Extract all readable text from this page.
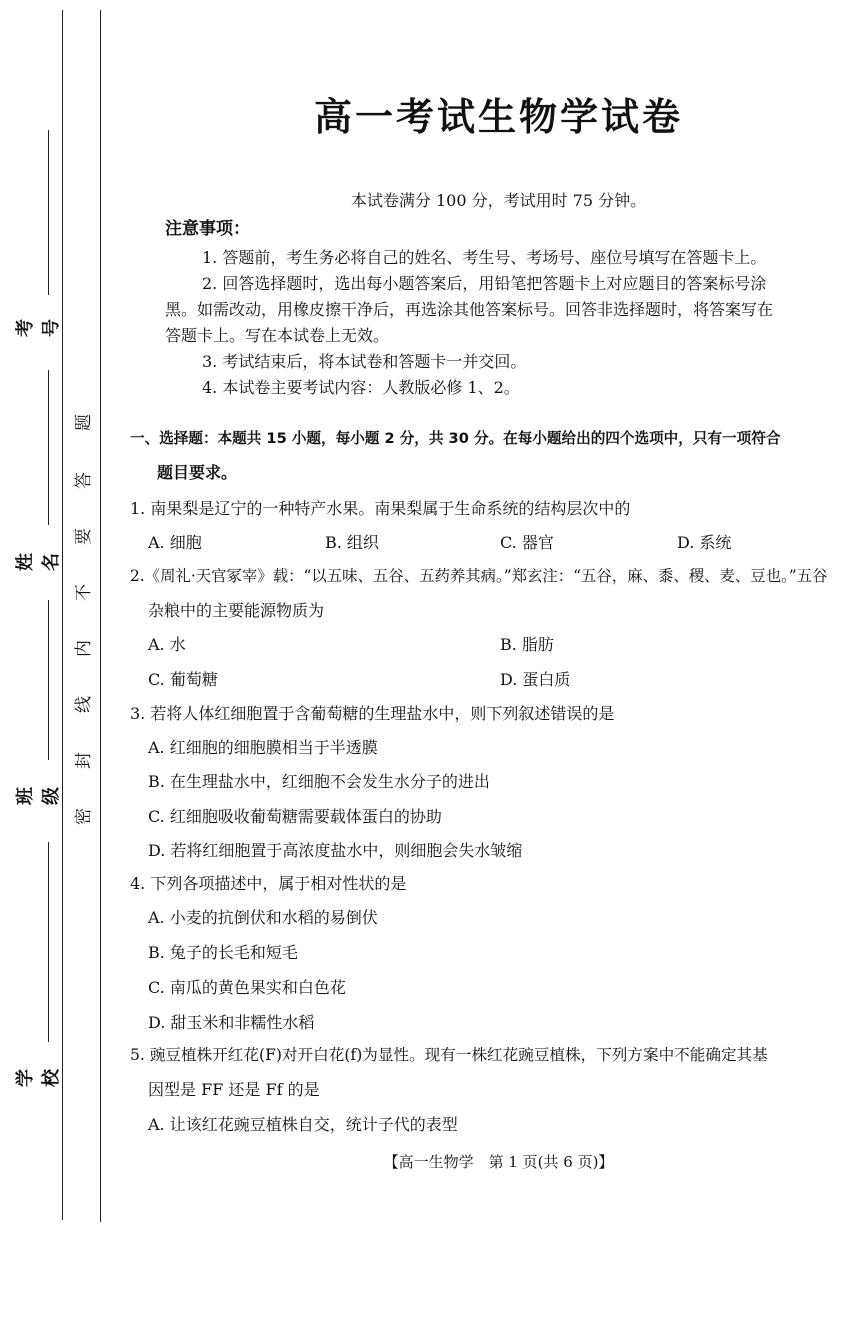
考号
姓名
班级
学校
题
答
要
不
内
线
封
密
高一考试生物学试卷
本试卷满分 100 分，考试用时 75 分钟。
注意事项：
1. 答题前，考生务必将自己的姓名、考生号、考场号、座位号填写在答题卡上。
2. 回答选择题时，选出每小题答案后，用铅笔把答题卡上对应题目的答案标号涂
黑。如需改动，用橡皮擦干净后，再选涂其他答案标号。回答非选择题时，将答案写在
答题卡上。写在本试卷上无效。
3. 考试结束后，将本试卷和答题卡一并交回。
4. 本试卷主要考试内容：人教版必修 1、2。
一、选择题：本题共 15 小题，每小题 2 分，共 30 分。在每小题给出的四个选项中，只有一项符合
题目要求。
1. 南果梨是辽宁的一种特产水果。南果梨属于生命系统的结构层次中的
A. 细胞	B. 组织	C. 器官	D. 系统
2.《周礼·天官冢宰》载：“以五味、五谷、五药养其病。”郑玄注：“五谷，麻、黍、稷、麦、豆也。”五谷
杂粮中的主要能源物质为
A. 水	B. 脂肪
C. 葡萄糖	D. 蛋白质
3. 若将人体红细胞置于含葡萄糖的生理盐水中，则下列叙述错误的是
A. 红细胞的细胞膜相当于半透膜
B. 在生理盐水中，红细胞不会发生水分子的进出
C. 红细胞吸收葡萄糖需要载体蛋白的协助
D. 若将红细胞置于高浓度盐水中，则细胞会失水皱缩
4. 下列各项描述中，属于相对性状的是
A. 小麦的抗倒伏和水稻的易倒伏
B. 兔子的长毛和短毛
C. 南瓜的黄色果实和白色花
D. 甜玉米和非糯性水稻
5. 豌豆植株开红花(F)对开白花(f)为显性。现有一株红花豌豆植株，下列方案中不能确定其基
因型是 FF 还是 Ff 的是
A. 让该红花豌豆植株自交，统计子代的表型
【高一生物学　第 1 页(共 6 页)】
